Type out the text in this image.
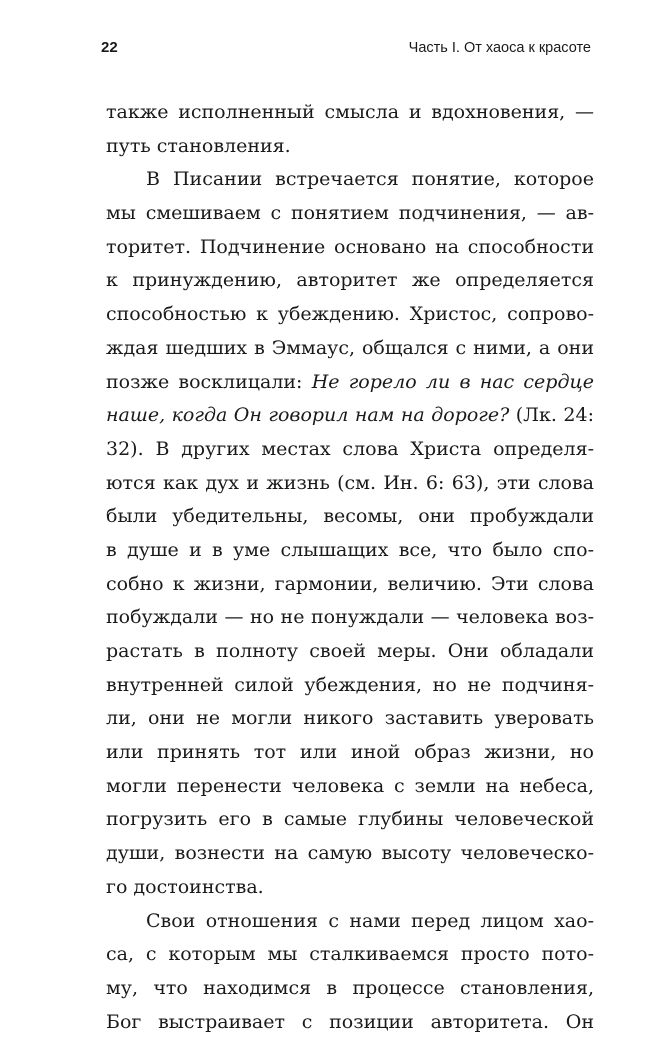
22	Часть I. От хаоса к красоте
также исполненный смысла и вдохновения, —
путь становления.
В Писании встречается понятие, которое
мы смешиваем с понятием подчинения, — ав-
торитет. Подчинение основано на способности
к принуждению, авторитет же определяется
способностью к убеждению. Христос, сопрово-
ждая шедших в Эммаус, общался с ними, а они
позже восклицали: Не горело ли в нас сердце
наше, когда Он говорил нам на дороге? (Лк. 24:
32). В других местах слова Христа определя-
ются как дух и жизнь (см. Ин. 6: 63), эти слова
были убедительны, весомы, они пробуждали
в душе и в уме слышащих все, что было спо-
собно к жизни, гармонии, величию. Эти слова
побуждали — но не понуждали — человека воз-
растать в полноту своей меры. Они обладали
внутренней силой убеждения, но не подчиня-
ли, они не могли никого заставить уверовать
или принять тот или иной образ жизни, но
могли перенести человека с земли на небеса,
погрузить его в самые глубины человеческой
души, вознести на самую высоту человеческо-
го достоинства.
Свои отношения с нами перед лицом хао-
са, с которым мы сталкиваемся просто пото-
му, что находимся в процессе становления,
Бог выстраивает с позиции авторитета. Он
